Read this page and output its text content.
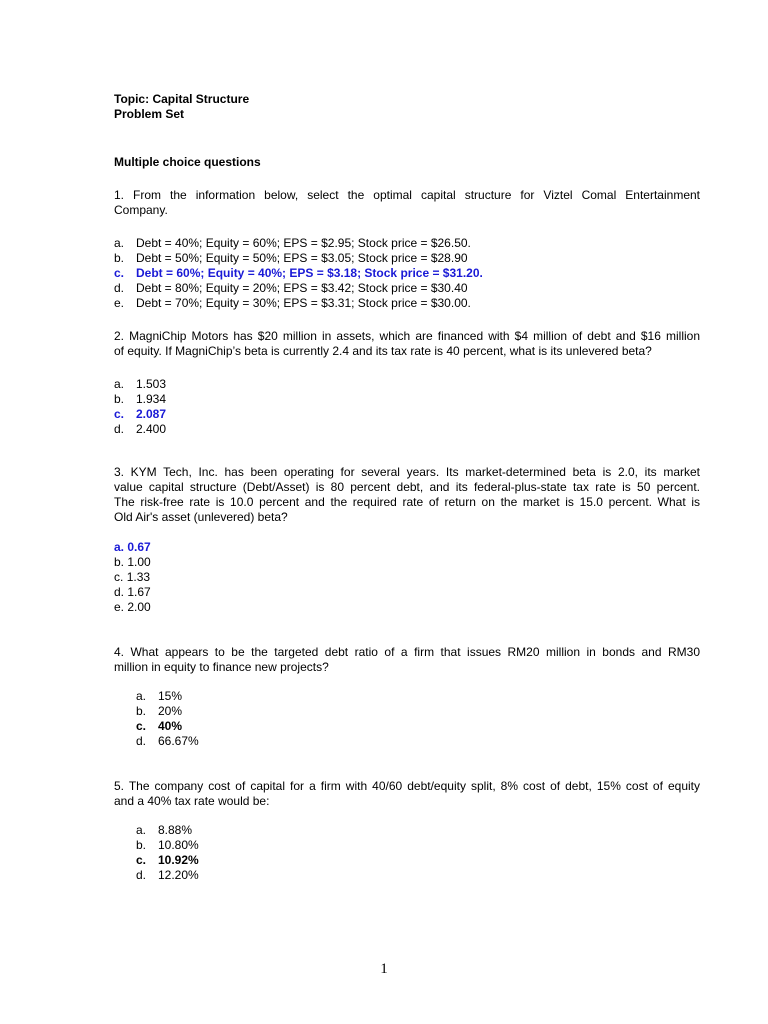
Topic: Capital Structure
Problem Set
Multiple choice questions
1. From the information below, select the optimal capital structure for Viztel Comal Entertainment
Company.
a. Debt = 40%; Equity = 60%; EPS = $2.95; Stock price = $26.50.
b. Debt = 50%; Equity = 50%; EPS = $3.05; Stock price = $28.90
c. Debt = 60%; Equity = 40%; EPS = $3.18; Stock price = $31.20.
d. Debt = 80%; Equity = 20%; EPS = $3.42; Stock price = $30.40
e. Debt = 70%; Equity = 30%; EPS = $3.31; Stock price = $30.00.
2. MagniChip Motors has $20 million in assets, which are financed with $4 million of debt and $16 million
of equity. If MagniChip’s beta is currently 2.4 and its tax rate is 40 percent, what is its unlevered beta?
a. 1.503
b. 1.934
c. 2.087
d. 2.400
3. KYM Tech, Inc. has been operating for several years. Its market-determined beta is 2.0, its market
value capital structure (Debt/Asset) is 80 percent debt, and its federal-plus-state tax rate is 50 percent.
The risk-free rate is 10.0 percent and the required rate of return on the market is 15.0 percent. What is
Old Air's asset (unlevered) beta?
a. 0.67
b. 1.00
c. 1.33
d. 1.67
e. 2.00
4. What appears to be the targeted debt ratio of a firm that issues RM20 million in bonds and RM30
million in equity to finance new projects?
a. 15%
b. 20%
c. 40%
d. 66.67%
5. The company cost of capital for a firm with 40/60 debt/equity split, 8% cost of debt, 15% cost of equity
and a 40% tax rate would be:
a. 8.88%
b. 10.80%
c. 10.92%
d. 12.20%
1
